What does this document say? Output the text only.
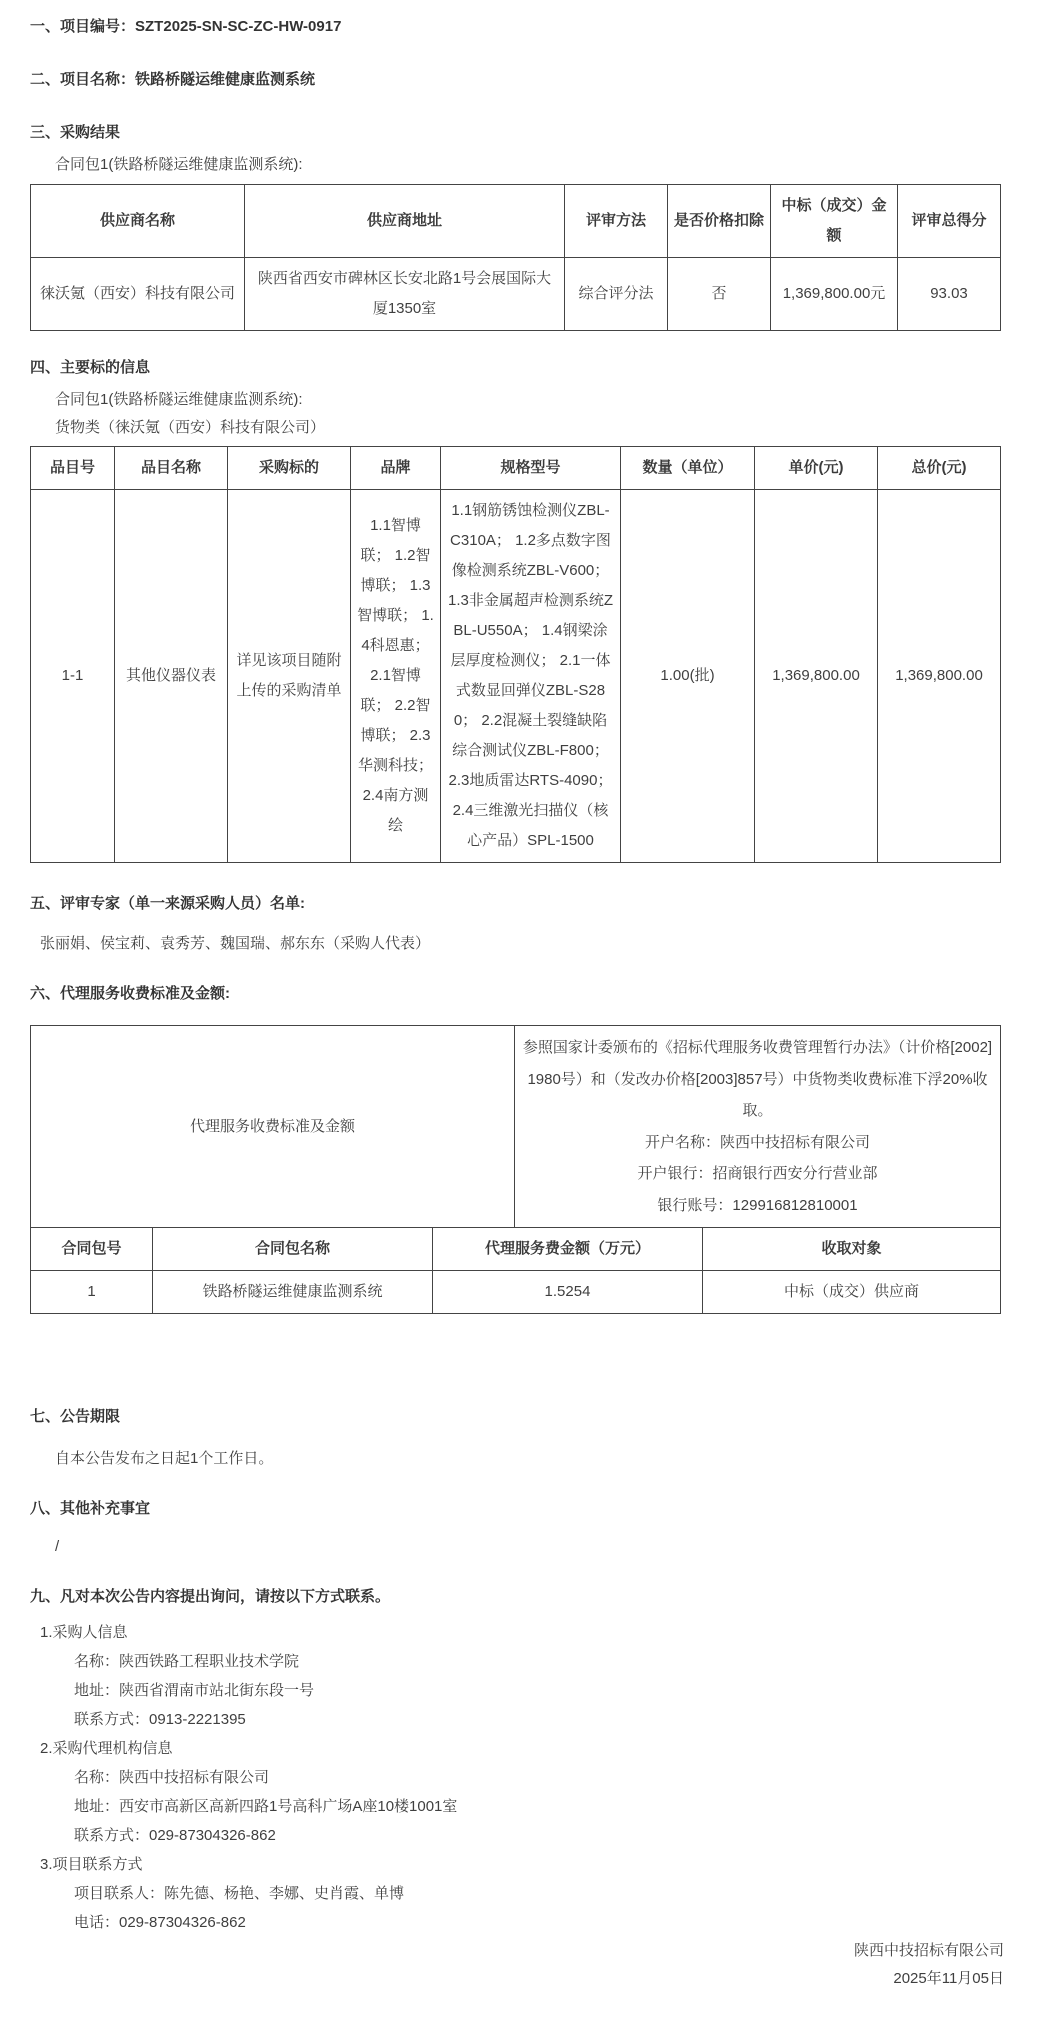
一、项目编号：SZT2025-SN-SC-ZC-HW-0917
二、项目名称：铁路桥隧运维健康监测系统
三、采购结果
合同包1(铁路桥隧运维健康监测系统):
供应商名称	供应商地址	评审方法	是否价格扣除	中标（成交）金额	评审总得分
徕沃氪（西安）科技有限公司	陕西省西安市碑林区长安北路1号会展国际大厦1350室	综合评分法	否	1,369,800.00元	93.03
四、主要标的信息
合同包1(铁路桥隧运维健康监测系统):
货物类（徕沃氪（西安）科技有限公司）
品目号	品目名称	采购标的	品牌	规格型号	数量（单位）	单价(元)	总价(元)
1-1	其他仪器仪表	详见该项目随附上传的采购清单	1.1智博联； 1.2智博联； 1.3智博联； 1.4科恩惠； 2.1智博联； 2.2智博联； 2.3华测科技； 2.4南方测绘	1.1钢筋锈蚀检测仪ZBL-C310A； 1.2多点数字图像检测系统ZBL-V600； 1.3非金属超声检测系统ZBL-U550A； 1.4钢梁涂层厚度检测仪； 2.1一体式数显回弹仪ZBL-S280； 2.2混凝土裂缝缺陷综合测试仪ZBL-F800； 2.3地质雷达RTS-4090； 2.4三维激光扫描仪（核心产品）SPL-1500	1.00(批)	1,369,800.00	1,369,800.00
五、评审专家（单一来源采购人员）名单:
张丽娟、侯宝莉、袁秀芳、魏国瑞、郝东东（采购人代表）
六、代理服务收费标准及金额:
代理服务收费标准及金额	
参照国家计委颁布的《招标代理服务收费管理暂行办法》（计价格[2002]1980号）和（发改办价格[2003]857号）中货物类收费标准下浮20%收取。
开户名称：陕西中技招标有限公司
开户银行：招商银行西安分行营业部
银行账号：129916812810001
合同包号	合同包名称	代理服务费金额（万元）	收取对象
1	铁路桥隧运维健康监测系统	1.5254	中标（成交）供应商
七、公告期限
自本公告发布之日起1个工作日。
八、其他补充事宜
/
九、凡对本次公告内容提出询问，请按以下方式联系。
1.采购人信息
名称：陕西铁路工程职业技术学院
地址：陕西省渭南市站北街东段一号
联系方式：0913-2221395
2.采购代理机构信息
名称：陕西中技招标有限公司
地址：西安市高新区高新四路1号高科广场A座10楼1001室
联系方式：029-87304326-862
3.项目联系方式
项目联系人：陈先德、杨艳、李娜、史肖霞、单博
电话：029-87304326-862
陕西中技招标有限公司
2025年11月05日
